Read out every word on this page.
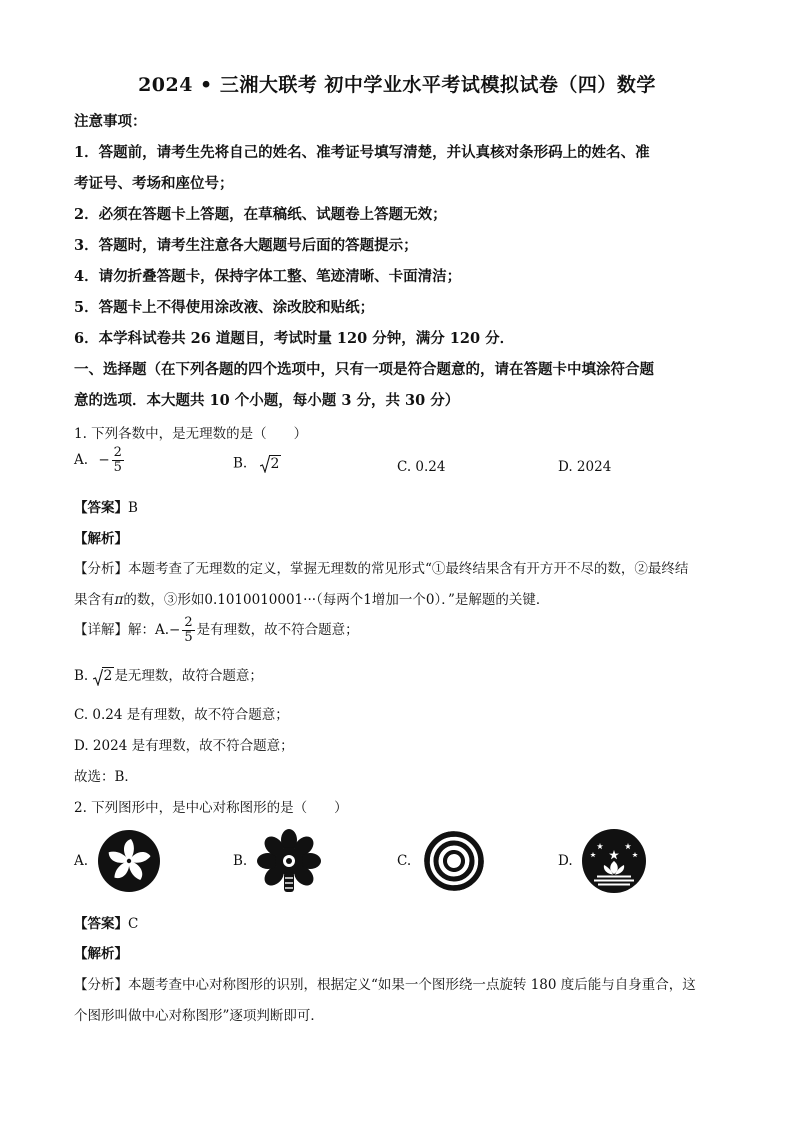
2024 • 三湘大联考 初中学业水平考试模拟试卷（四）数学
注意事项：
1．答题前，请考生先将自己的姓名、准考证号填写清楚，并认真核对条形码上的姓名、准
考证号、考场和座位号；
2．必须在答题卡上答题，在草稿纸、试题卷上答题无效；
3．答题时，请考生注意各大题题号后面的答题提示；
4．请勿折叠答题卡，保持字体工整、笔迹清晰、卡面清洁；
5．答题卡上不得使用涂改液、涂改胶和贴纸；
6．本学科试卷共 26 道题目，考试时量 120 分钟，满分 120 分．
一、选择题（在下列各题的四个选项中，只有一项是符合题意的，请在答题卡中填涂符合题
意的选项．本大题共 10 个小题，每小题 3 分，共 30 分）
1. 下列各数中，是无理数的是（　　）
A. − $\frac{2}{5}$	B. 2	C. 0.24	D. 2024
【答案】B
【解析】
【分析】本题考查了无理数的定义，掌握无理数的常见形式“①最终结果含有开方开不尽的数，②最终结
果含有π的数，③形如0.1010010001···（每两个1增加一个0）．”是解题的关键．
【详解】解：$A.- \frac{2}{5}$ 是有理数，故不符合题意；
B. 2 是无理数，故符合题意；
C. 0.24 是有理数，故不符合题意；
D. 2024 是有理数，故不符合题意；
故选：B．
2. 下列图形中，是中心对称图形的是（　　）
A.	B.	C.	D.
【答案】C
【解析】
【分析】本题考查中心对称图形的识别，根据定义“如果一个图形绕一点旋转 180 度后能与自身重合，这
个图形叫做中心对称图形”逐项判断即可．
